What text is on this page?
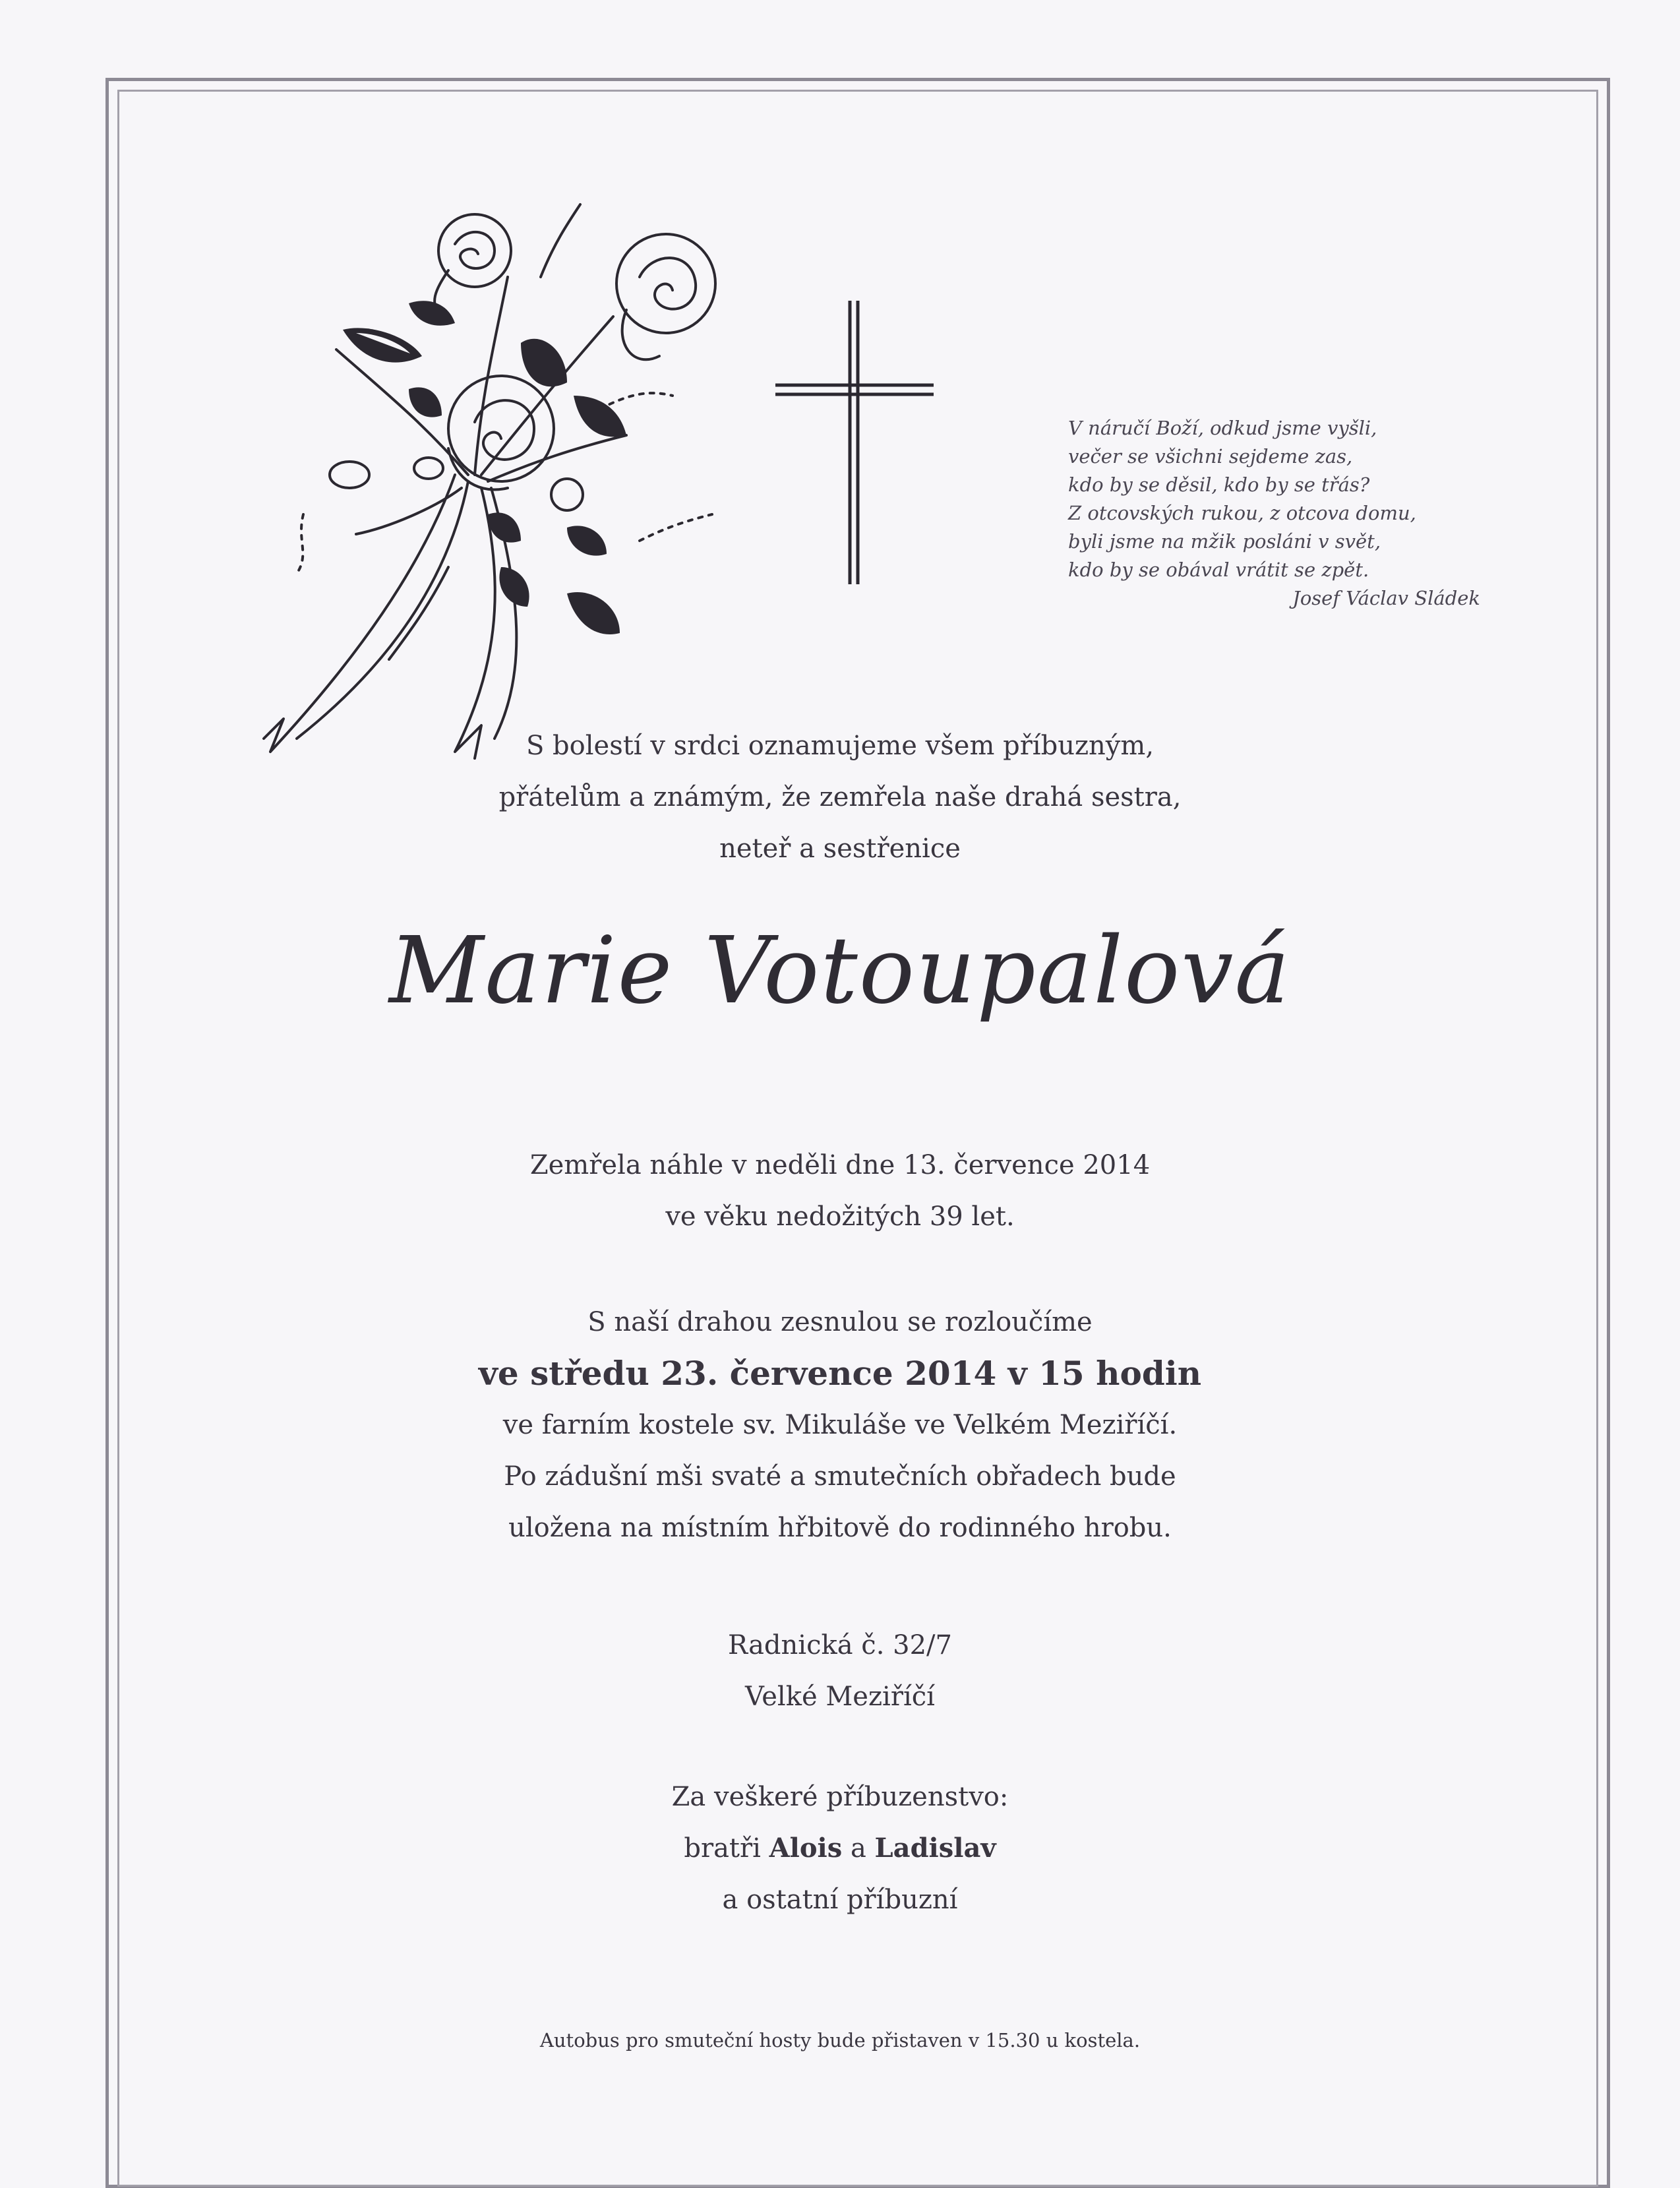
V náručí Boží, odkud jsme vyšli,
večer se všichni sejdeme zas,
kdo by se děsil, kdo by se třás?
Z otcovských rukou, z otcova domu,
byli jsme na mžik posláni v svět,
kdo by se obával vrátit se zpět.
Josef Václav Sládek
S bolestí v srdci oznamujeme všem příbuzným,
přátelům a známým, že zemřela naše drahá sestra,
neteř a sestřenice
Marie Votoupalová
Zemřela náhle v neděli dne 13. července 2014
ve věku nedožitých 39 let.
S naší drahou zesnulou se rozloučíme
ve středu 23. července 2014 v 15 hodin
ve farním kostele sv. Mikuláše ve Velkém Meziříčí.
Po zádušní mši svaté a smutečních obřadech bude
uložena na místním hřbitově do rodinného hrobu.
Radnická č. 32/7
Velké Meziříčí
Za veškeré příbuzenstvo:
bratři Alois a Ladislav
a ostatní příbuzní
Autobus pro smuteční hosty bude přistaven v 15.30 u kostela.
